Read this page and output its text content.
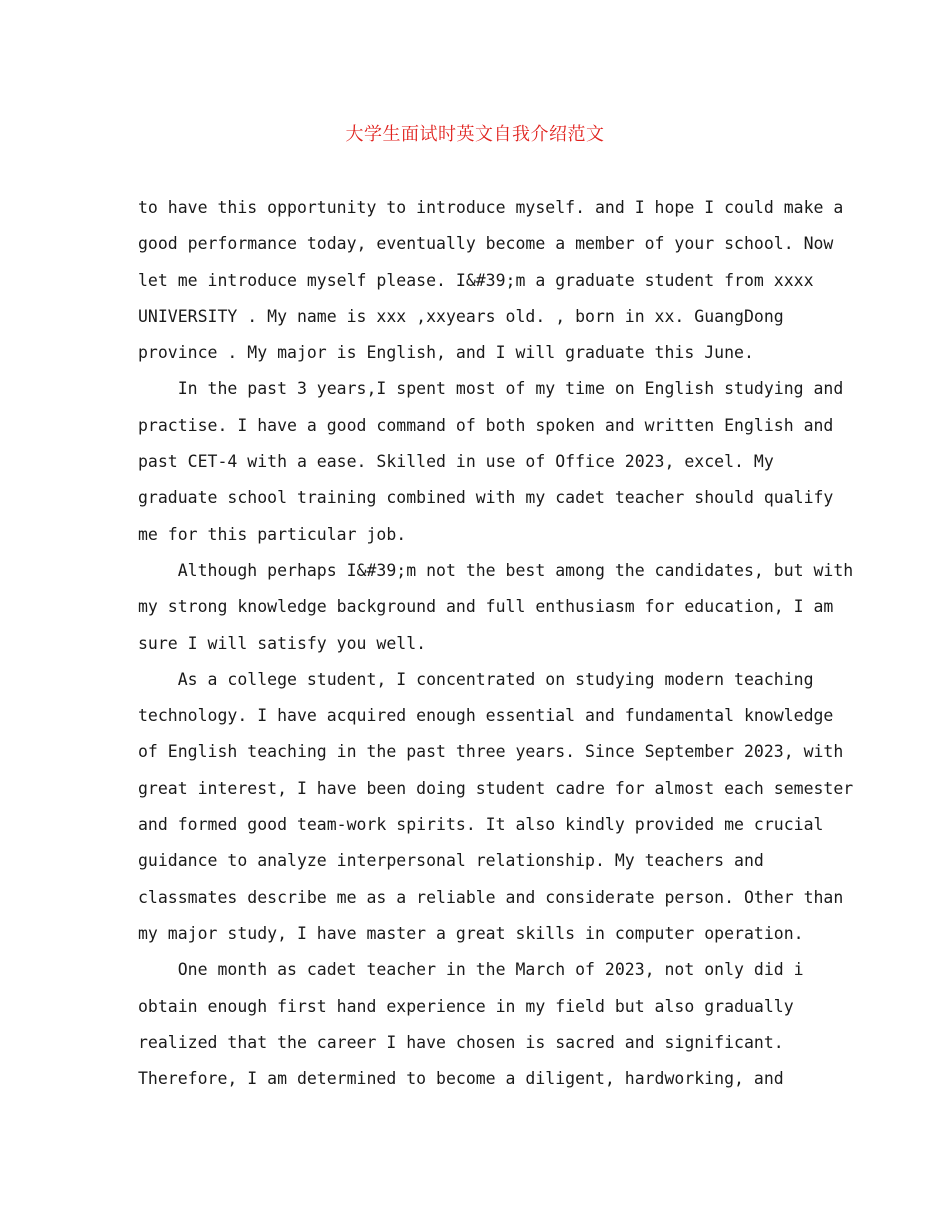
大学生面试时英文自我介绍范文
to have this opportunity to introduce myself. and I hope I could make a
good performance today, eventually become a member of your school. Now
let me introduce myself please. I&#39;m a graduate student from xxxx
UNIVERSITY . My name is xxx ,xxyears old. , born in xx. GuangDong
province . My major is English, and I will graduate this June.
In the past 3 years,I spent most of my time on English studying and
practise. I have a good command of both spoken and written English and
past CET-4 with a ease. Skilled in use of Office 2023, excel. My
graduate school training combined with my cadet teacher should qualify
me for this particular job.
Although perhaps I&#39;m not the best among the candidates, but with
my strong knowledge background and full enthusiasm for education, I am
sure I will satisfy you well.
As a college student, I concentrated on studying modern teaching
technology. I have acquired enough essential and fundamental knowledge
of English teaching in the past three years. Since September 2023, with
great interest, I have been doing student cadre for almost each semester
and formed good team-work spirits. It also kindly provided me crucial
guidance to analyze interpersonal relationship. My teachers and
classmates describe me as a reliable and considerate person. Other than
my major study, I have master a great skills in computer operation.
One month as cadet teacher in the March of 2023, not only did i
obtain enough first hand experience in my field but also gradually
realized that the career I have chosen is sacred and significant.
Therefore, I am determined to become a diligent, hardworking, and
